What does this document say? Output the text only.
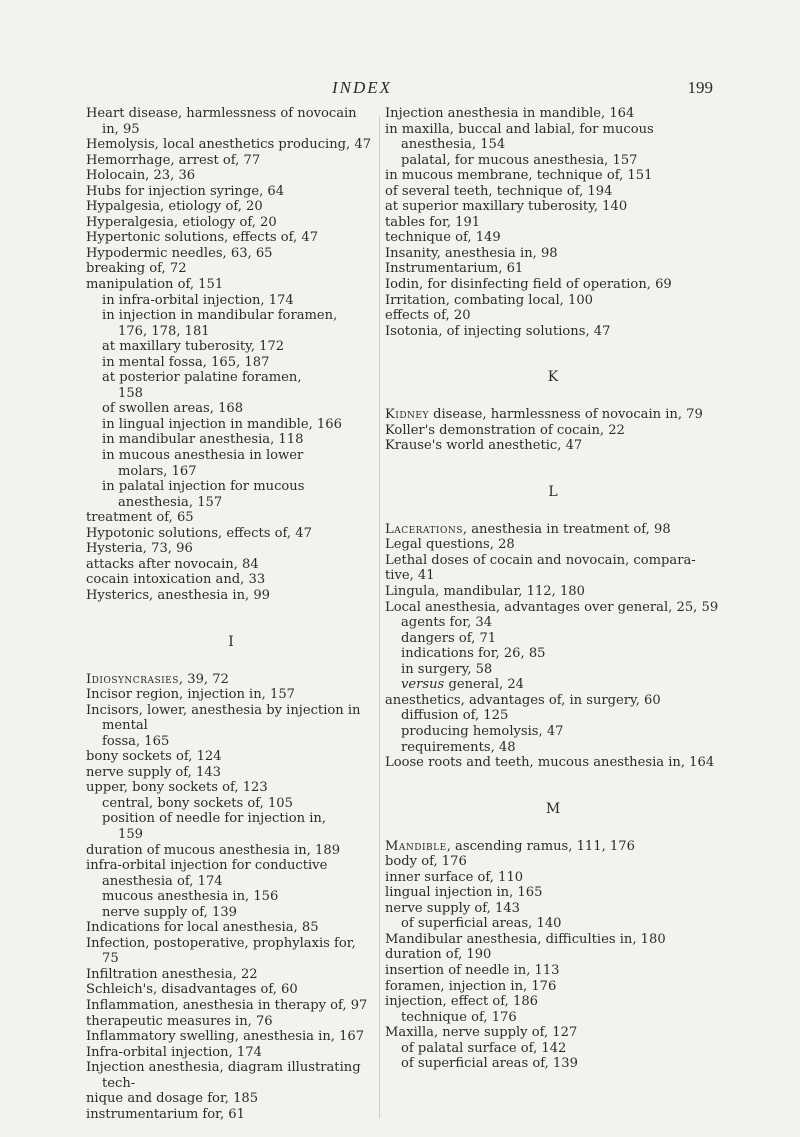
INDEX	199
Heart disease, harmlessness of novocain in, 95
Hemolysis, local anesthetics producing, 47
Hemorrhage, arrest of, 77
Holocain, 23, 36
Hubs for injection syringe, 64
Hypalgesia, etiology of, 20
Hyperalgesia, etiology of, 20
Hypertonic solutions, effects of, 47
Hypodermic needles, 63, 65
breaking of, 72
manipulation of, 151
in infra-orbital injection, 174
in injection in mandibular foramen,
176, 178, 181
at maxillary tuberosity, 172
in mental fossa, 165, 187
at posterior palatine foramen,
158
of swollen areas, 168
in lingual injection in mandible, 166
in mandibular anesthesia, 118
in mucous anesthesia in lower
molars, 167
in palatal injection for mucous
anesthesia, 157
treatment of, 65
Hypotonic solutions, effects of, 47
Hysteria, 73, 96
attacks after novocain, 84
cocain intoxication and, 33
Hysterics, anesthesia in, 99
I
Idiosyncrasies, 39, 72
Incisor region, injection in, 157
Incisors, lower, anesthesia by injection in mental
fossa, 165
bony sockets of, 124
nerve supply of, 143
upper, bony sockets of, 123
central, bony sockets of, 105
position of needle for injection in,
159
duration of mucous anesthesia in, 189
infra-orbital injection for conductive
anesthesia of, 174
mucous anesthesia in, 156
nerve supply of, 139
Indications for local anesthesia, 85
Infection, postoperative, prophylaxis for, 75
Infiltration anesthesia, 22
Schleich's, disadvantages of, 60
Inflammation, anesthesia in therapy of, 97
therapeutic measures in, 76
Inflammatory swelling, anesthesia in, 167
Infra-orbital injection, 174
Injection anesthesia, diagram illustrating tech-
nique and dosage for, 185
instrumentarium for, 61
Injection anesthesia in mandible, 164
in maxilla, buccal and labial, for mucous
anesthesia, 154
palatal, for mucous anesthesia, 157
in mucous membrane, technique of, 151
of several teeth, technique of, 194
at superior maxillary tuberosity, 140
tables for, 191
technique of, 149
Insanity, anesthesia in, 98
Instrumentarium, 61
Iodin, for disinfecting field of operation, 69
Irritation, combating local, 100
effects of, 20
Isotonia, of injecting solutions, 47
K
Kidney disease, harmlessness of novocain in, 79
Koller's demonstration of cocain, 22
Krause's world anesthetic, 47
L
Lacerations, anesthesia in treatment of, 98
Legal questions, 28
Lethal doses of cocain and novocain, compara-
tive, 41
Lingula, mandibular, 112, 180
Local anesthesia, advantages over general, 25, 59
agents for, 34
dangers of, 71
indications for, 26, 85
in surgery, 58
versus general, 24
anesthetics, advantages of, in surgery, 60
diffusion of, 125
producing hemolysis, 47
requirements, 48
Loose roots and teeth, mucous anesthesia in, 164
M
Mandible, ascending ramus, 111, 176
body of, 176
inner surface of, 110
lingual injection in, 165
nerve supply of, 143
of superficial areas, 140
Mandibular anesthesia, difficulties in, 180
duration of, 190
insertion of needle in, 113
foramen, injection in, 176
injection, effect of, 186
technique of, 176
Maxilla, nerve supply of, 127
of palatal surface of, 142
of superficial areas of, 139
